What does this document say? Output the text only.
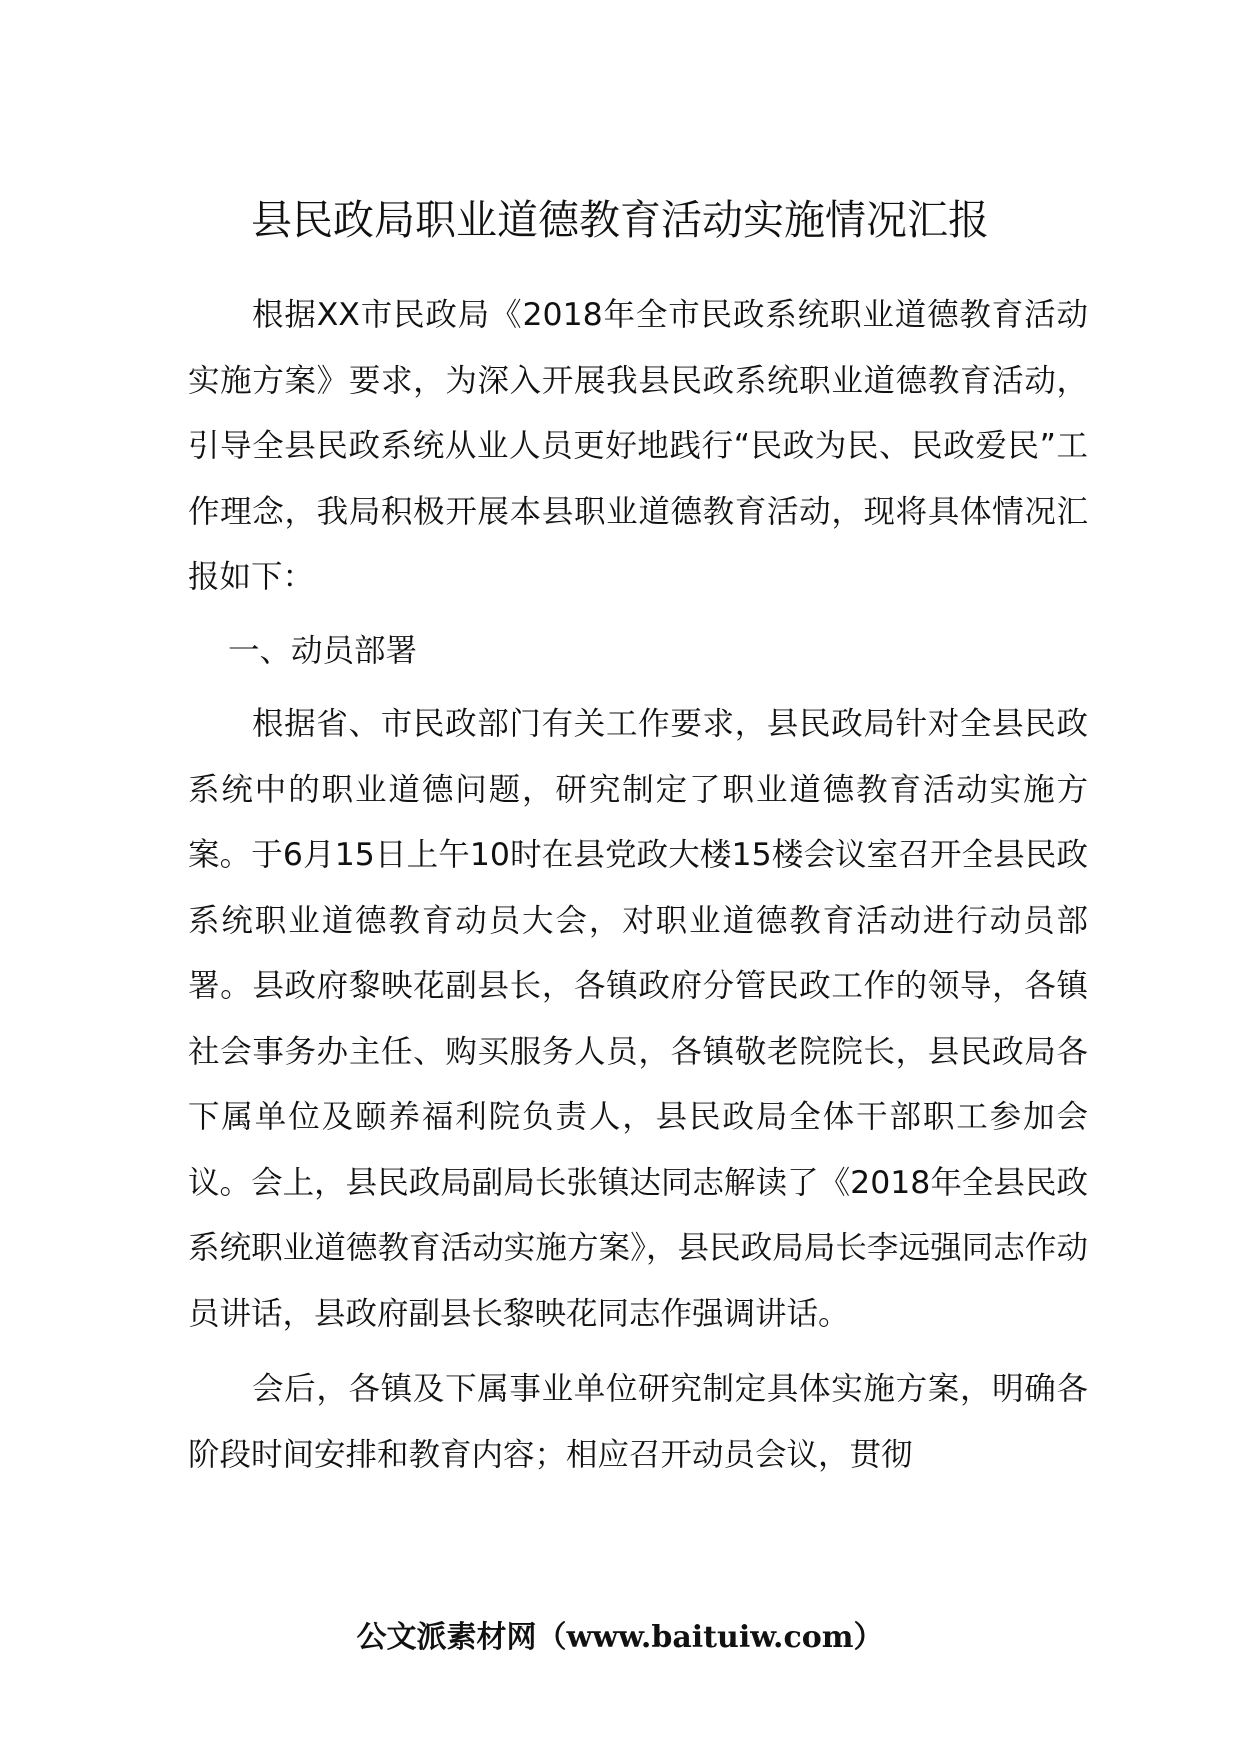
县民政局职业道德教育活动实施情况汇报

根据XX市民政局《2018年全市民政系统职业道德教育活动实施方案》要求，为深入开展我县民政系统职业道德教育活动，引导全县民政系统从业人员更好地践行“民政为民、民政爱民”工作理念，我局积极开展本县职业道德教育活动，现将具体情况汇报如下：

一、动员部署

根据省、市民政部门有关工作要求，县民政局针对全县民政系统中的职业道德问题，研究制定了职业道德教育活动实施方案。于6月15日上午10时在县党政大楼15楼会议室召开全县民政系统职业道德教育动员大会，对职业道德教育活动进行动员部署。县政府黎映花副县长，各镇政府分管民政工作的领导，各镇社会事务办主任、购买服务人员，各镇敬老院院长，县民政局各下属单位及颐养福利院负责人，县民政局全体干部职工参加会议。会上，县民政局副局长张镇达同志解读了《2018年全县民政系统职业道德教育活动实施方案》，县民政局局长李远强同志作动员讲话，县政府副县长黎映花同志作强调讲话。

会后，各镇及下属事业单位研究制定具体实施方案，明确各阶段时间安排和教育内容；相应召开动员会议，贯彻

公文派素材网（www.baituiw.com）
